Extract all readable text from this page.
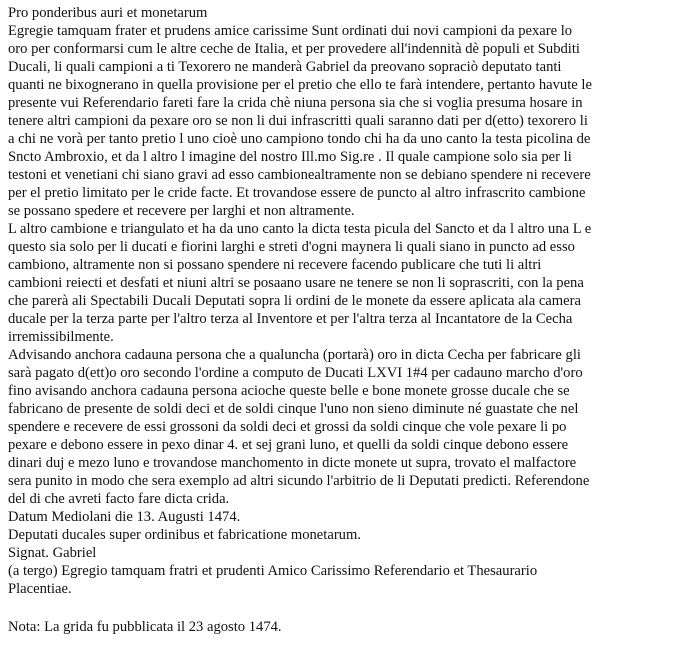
Pro ponderibus auri et monetarum
Egregie tamquam frater et prudens amice carissime Sunt ordinati dui novi campioni da pexare lo
oro per conformarsi cum le altre ceche de Italia, et per provedere all'indennità dè populi et Subditi
Ducali, li quali campioni a ti Texorero ne manderà Gabriel da preovano sopraciò deputato tanti
quanti ne bixognerano in quella provisione per el pretio che ello te farà intendere, pertanto havute le
presente vui Referendario fareti fare la crida chè niuna persona sia che si voglia presuma hosare in
tenere altri campioni da pexare oro se non li dui infrascritti quali saranno dati per d(etto) texorero li
a chi ne vorà per tanto pretio l uno cioè uno campiono tondo chi ha da uno canto la testa picolina de
Sncto Ambroxio, et da l altro l imagine del nostro Ill.mo Sig.re . Il quale campione solo sia per li
testoni et venetiani chi siano gravi ad esso cambionealtramente non se debiano spendere ni recevere
per el pretio limitato per le cride facte. Et trovandose essere de puncto al altro infrascrito cambione
se possano spedere et recevere per larghi et non altramente.
L altro cambione e triangulato et ha da uno canto la dicta testa picula del Sancto et da l altro una L e
questo sia solo per li ducati e fiorini larghi e streti d'ogni maynera li quali siano in puncto ad esso
cambiono, altramente non si possano spendere ni recevere facendo publicare che tuti li altri
cambioni reiecti et desfati et niuni altri se posaano usare ne tenere se non li soprascriti, con la pena
che parerà ali Spectabili Ducali Deputati sopra li ordini de le monete da essere aplicata ala camera
ducale per la terza parte per l'altro terza al Inventore et per l'altra terza al Incantatore de la Cecha
irremissibilmente.
Advisando anchora cadauna persona che a qualuncha (portarà) oro in dicta Cecha per fabricare gli
sarà pagato d(ett)o oro secondo l'ordine a computo de Ducati LXVI 1#4 per cadauno marcho d'oro
fino avisando anchora cadauna persona acioche queste belle e bone monete grosse ducale che se
fabricano de presente de soldi deci et de soldi cinque l'uno non sieno diminute né guastate che nel
spendere e recevere de essi grossoni da soldi deci et grossi da soldi cinque che vole pexare li po
pexare e debono essere in pexo dinar 4. et sej grani luno, et quelli da soldi cinque debono essere
dinari duj e mezo luno e trovandose manchomento in dicte monete ut supra, trovato el malfactore
sera punito in modo che sera exemplo ad altri sicundo l'arbitrio de li Deputati predicti. Referendone
del di che avreti facto fare dicta crida.
Datum Mediolani die 13. Augusti 1474.
Deputati ducales super ordinibus et fabricatione monetarum.
Signat. Gabriel
(a tergo) Egregio tamquam fratri et prudenti Amico Carissimo Referendario et Thesaurario
Placentiae.
Nota: La grida fu pubblicata il 23 agosto 1474.
